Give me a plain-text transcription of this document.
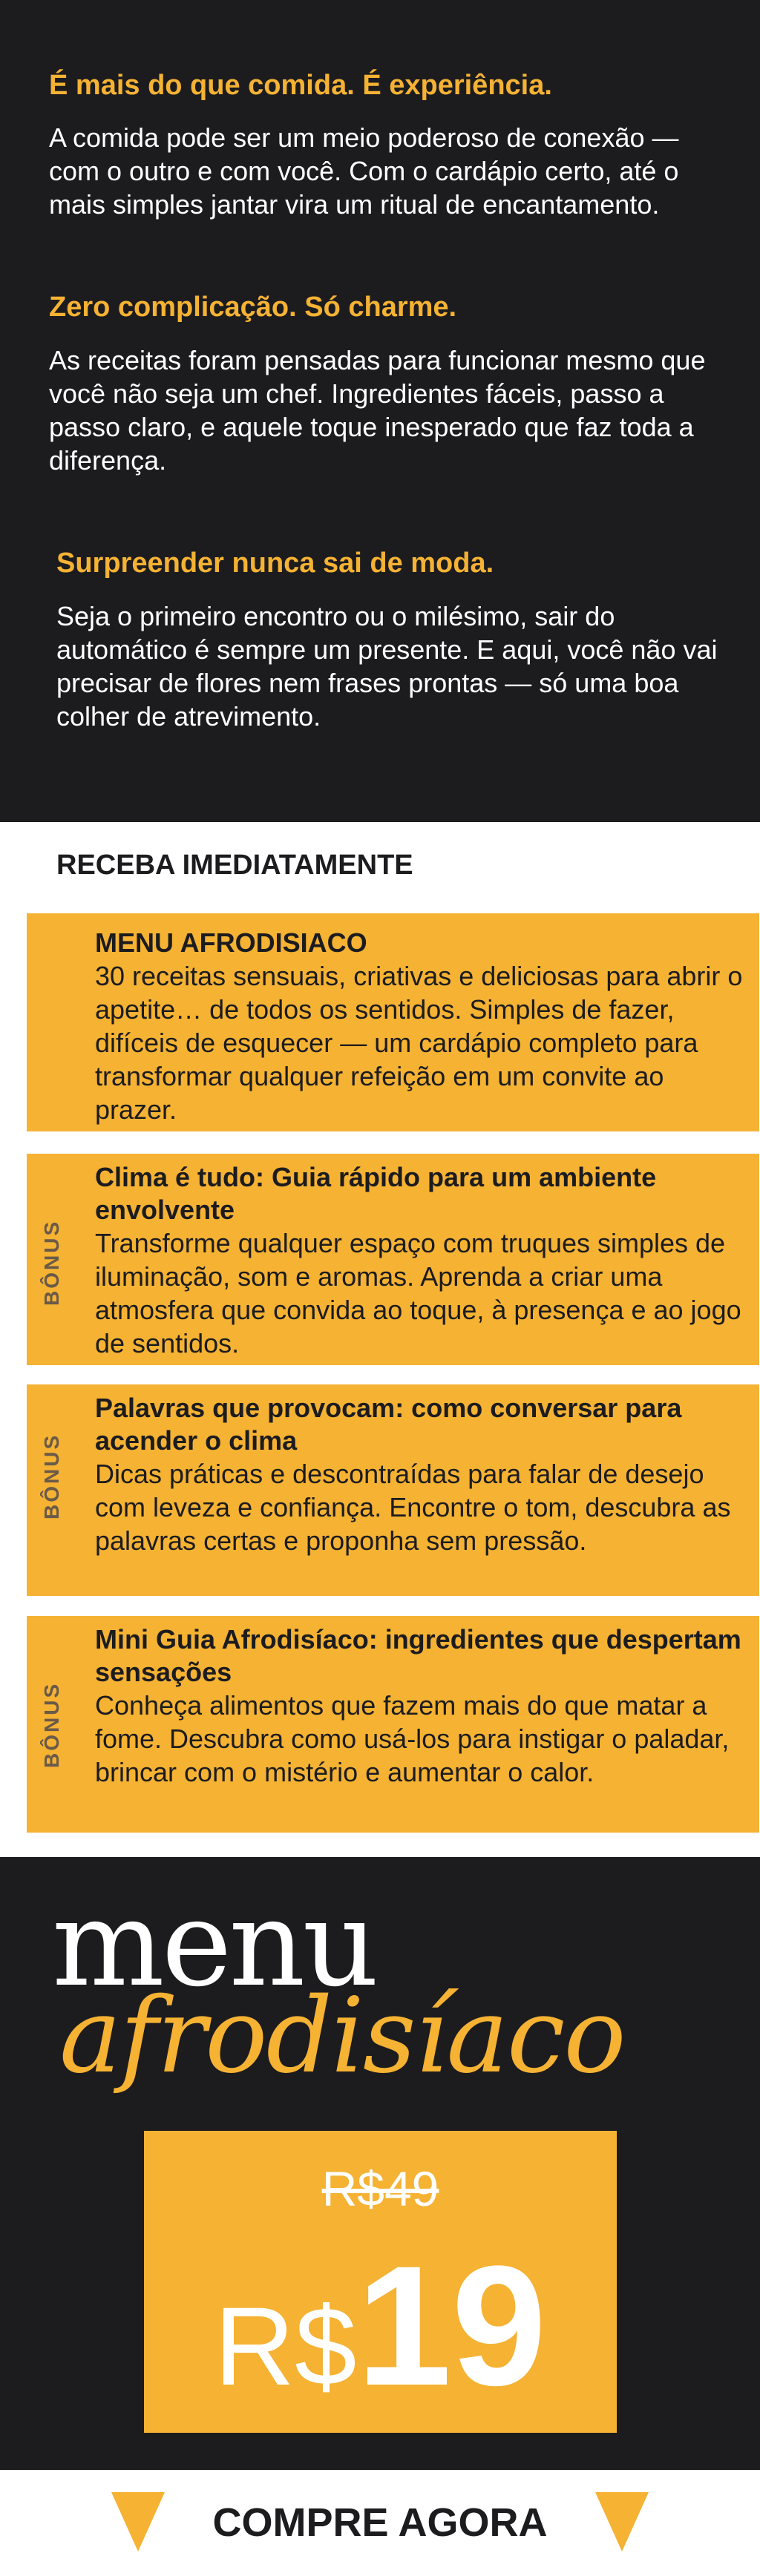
É mais do que comida. É experiência.
A comida pode ser um meio poderoso de conexão — com o outro e com você. Com o cardápio certo, até o mais simples jantar vira um ritual de encantamento.
Zero complicação. Só charme.
As receitas foram pensadas para funcionar mesmo que você não seja um chef. Ingredientes fáceis, passo a passo claro, e aquele toque inesperado que faz toda a diferença.
Surpreender nunca sai de moda.
Seja o primeiro encontro ou o milésimo, sair do automático é sempre um presente. E aqui, você não vai precisar de flores nem frases prontas — só uma boa colher de atrevimento.
RECEBA IMEDIATAMENTE
MENU AFRODISIACO
30 receitas sensuais, criativas e deliciosas para abrir o apetite… de todos os sentidos. Simples de fazer, difíceis de esquecer — um cardápio completo para transformar qualquer refeição em um convite ao prazer.
BÔNUS
Clima é tudo: Guia rápido para um ambiente envolvente
Transforme qualquer espaço com truques simples de iluminação, som e aromas. Aprenda a criar uma atmosfera que convida ao toque, à presença e ao jogo de sentidos.
BÔNUS
Palavras que provocam: como conversar para acender o clima
Dicas práticas e descontraídas para falar de desejo com leveza e confiança. Encontre o tom, descubra as palavras certas e proponha sem pressão.
BÔNUS
Mini Guia Afrodisíaco: ingredientes que despertam sensações
Conheça alimentos que fazem mais do que matar a fome. Descubra como usá-los para instigar o paladar, brincar com o mistério e aumentar o calor.
menu
afrodisíaco
R$49
R$19
COMPRE AGORA
